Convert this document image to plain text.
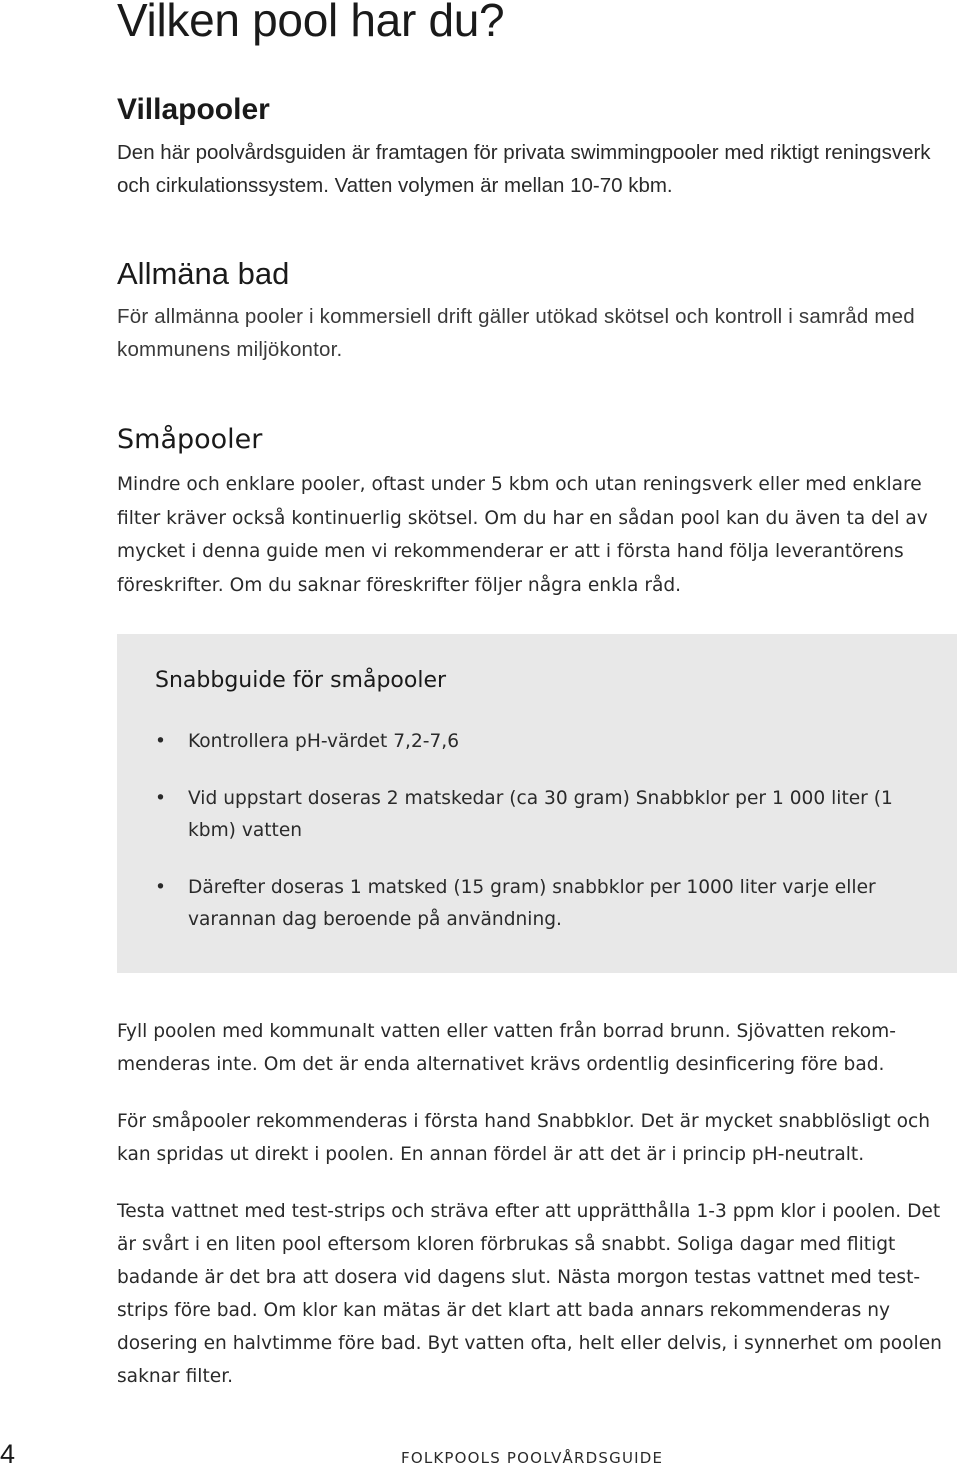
Vilken pool har du?
Villapooler

Den här poolvårdsguiden är framtagen för privata swimmingpooler med riktigt reningsverk och cirkulationssystem. Vatten volymen är mellan 10-70 kbm.

Allmäna bad

För allmänna pooler i kommersiell drift gäller utökad skötsel och kontroll i samråd med kommunens miljökontor.

Småpooler

Mindre och enklare pooler, oftast under 5 kbm och utan reningsverk eller med enklare filter kräver också kontinuerlig skötsel. Om du har en sådan pool kan du även ta del av mycket i denna guide men vi rekommenderar er att i första hand följa leverantörens föreskrifter. Om du saknar föreskrifter följer några enkla råd.

Snabbguide för småpooler
• Kontrollera pH-värdet 7,2-7,6
• Vid uppstart doseras 2 matskedar (ca 30 gram) Snabbklor per 1 000 liter (1 kbm) vatten
• Därefter doseras 1 matsked (15 gram) snabbklor per 1000 liter varje eller varannan dag beroende på användning.

Fyll poolen med kommunalt vatten eller vatten från borrad brunn. Sjövatten rekom-menderas inte. Om det är enda alternativet krävs ordentlig desinficering före bad.

För småpooler rekommenderas i första hand Snabbklor. Det är mycket snabblösligt och kan spridas ut direkt i poolen. En annan fördel är att det är i princip pH-neutralt.

Testa vattnet med test-strips och sträva efter att upprätthålla 1-3 ppm klor i poolen. Det är svårt i en liten pool eftersom kloren förbrukas så snabbt. Soliga dagar med flitigt badande är det bra att dosera vid dagens slut. Nästa morgon testas vattnet med test-strips före bad. Om klor kan mätas är det klart att bada annars rekommenderas ny dosering en halvtimme före bad. Byt vatten ofta, helt eller delvis, i synnerhet om poolen saknar filter.

4	FOLKPOOLS POOLVÅRDSGUIDE
